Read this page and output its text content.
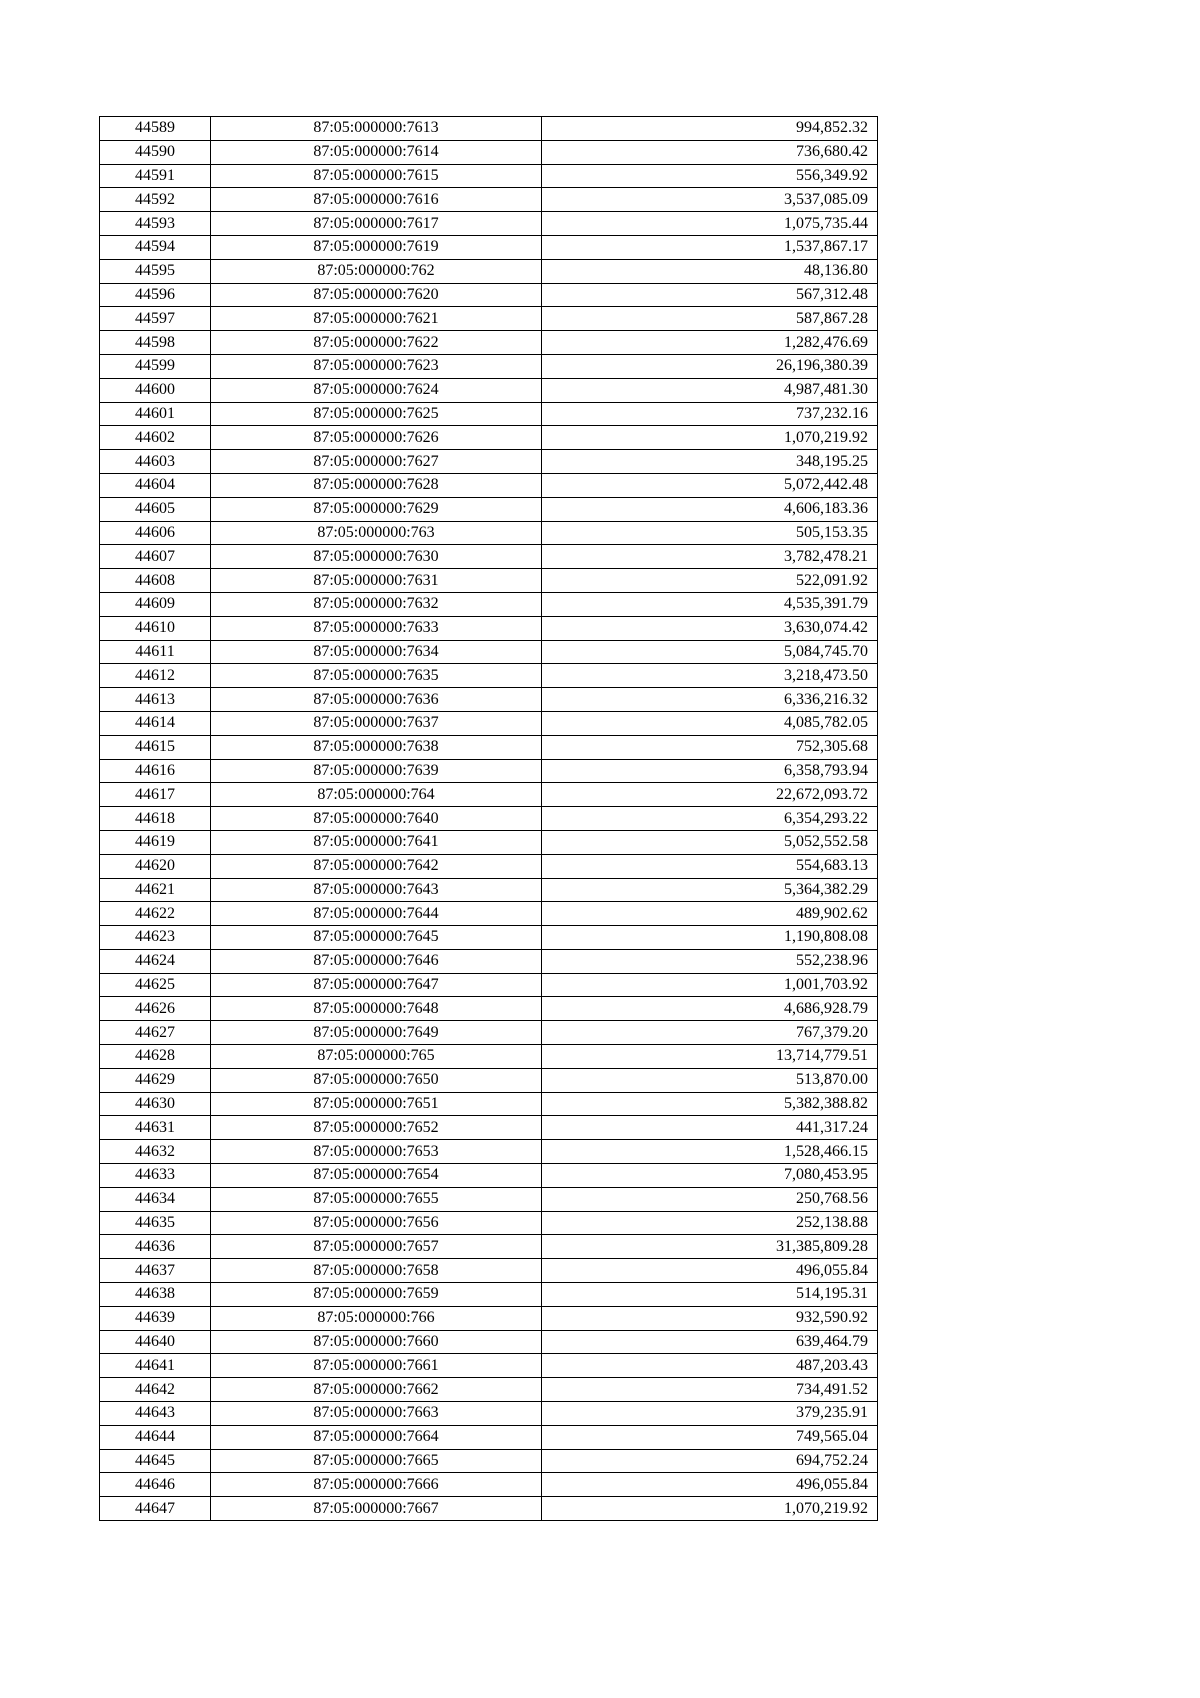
44589	87:05:000000:7613	994,852.32
44590	87:05:000000:7614	736,680.42
44591	87:05:000000:7615	556,349.92
44592	87:05:000000:7616	3,537,085.09
44593	87:05:000000:7617	1,075,735.44
44594	87:05:000000:7619	1,537,867.17
44595	87:05:000000:762	48,136.80
44596	87:05:000000:7620	567,312.48
44597	87:05:000000:7621	587,867.28
44598	87:05:000000:7622	1,282,476.69
44599	87:05:000000:7623	26,196,380.39
44600	87:05:000000:7624	4,987,481.30
44601	87:05:000000:7625	737,232.16
44602	87:05:000000:7626	1,070,219.92
44603	87:05:000000:7627	348,195.25
44604	87:05:000000:7628	5,072,442.48
44605	87:05:000000:7629	4,606,183.36
44606	87:05:000000:763	505,153.35
44607	87:05:000000:7630	3,782,478.21
44608	87:05:000000:7631	522,091.92
44609	87:05:000000:7632	4,535,391.79
44610	87:05:000000:7633	3,630,074.42
44611	87:05:000000:7634	5,084,745.70
44612	87:05:000000:7635	3,218,473.50
44613	87:05:000000:7636	6,336,216.32
44614	87:05:000000:7637	4,085,782.05
44615	87:05:000000:7638	752,305.68
44616	87:05:000000:7639	6,358,793.94
44617	87:05:000000:764	22,672,093.72
44618	87:05:000000:7640	6,354,293.22
44619	87:05:000000:7641	5,052,552.58
44620	87:05:000000:7642	554,683.13
44621	87:05:000000:7643	5,364,382.29
44622	87:05:000000:7644	489,902.62
44623	87:05:000000:7645	1,190,808.08
44624	87:05:000000:7646	552,238.96
44625	87:05:000000:7647	1,001,703.92
44626	87:05:000000:7648	4,686,928.79
44627	87:05:000000:7649	767,379.20
44628	87:05:000000:765	13,714,779.51
44629	87:05:000000:7650	513,870.00
44630	87:05:000000:7651	5,382,388.82
44631	87:05:000000:7652	441,317.24
44632	87:05:000000:7653	1,528,466.15
44633	87:05:000000:7654	7,080,453.95
44634	87:05:000000:7655	250,768.56
44635	87:05:000000:7656	252,138.88
44636	87:05:000000:7657	31,385,809.28
44637	87:05:000000:7658	496,055.84
44638	87:05:000000:7659	514,195.31
44639	87:05:000000:766	932,590.92
44640	87:05:000000:7660	639,464.79
44641	87:05:000000:7661	487,203.43
44642	87:05:000000:7662	734,491.52
44643	87:05:000000:7663	379,235.91
44644	87:05:000000:7664	749,565.04
44645	87:05:000000:7665	694,752.24
44646	87:05:000000:7666	496,055.84
44647	87:05:000000:7667	1,070,219.92
